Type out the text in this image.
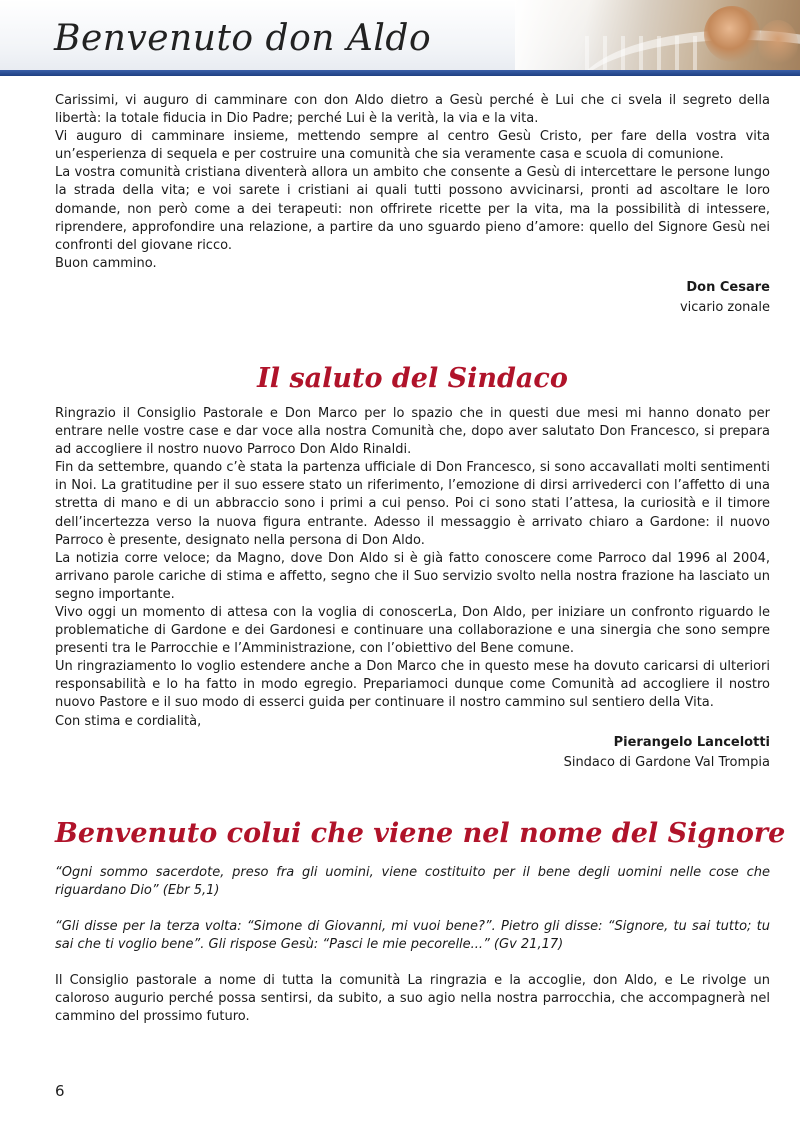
Benvenuto don Aldo

Carissimi, vi auguro di camminare con don Aldo dietro a Gesù perché è Lui che ci svela il segreto della libertà: la totale fiducia in Dio Padre; perché Lui è la verità, la via e la vita.

Vi auguro di camminare insieme, mettendo sempre al centro Gesù Cristo, per fare della vostra vita un’esperienza di sequela e per costruire una comunità che sia veramente casa e scuola di comunione.

La vostra comunità cristiana diventerà allora un ambito che consente a Gesù di intercettare le persone lungo la strada della vita; e voi sarete i cristiani ai quali tutti possono avvicinarsi, pronti ad ascoltare le loro domande, non però come a dei terapeuti: non offrirete ricette per la vita, ma la possibilità di intessere, riprendere, approfondire una relazione, a partire da uno sguardo pieno d’amore: quello del Signore Gesù nei confronti del giovane ricco.

Buon cammino.

Don Cesare
vicario zonale
Il saluto del Sindaco

Ringrazio il Consiglio Pastorale e Don Marco per lo spazio che in questi due mesi mi hanno donato per entrare nelle vostre case e dar voce alla nostra Comunità che, dopo aver salutato Don Francesco, si prepara ad accogliere il nostro nuovo Parroco Don Aldo Rinaldi.

Fin da settembre, quando c’è stata la partenza ufficiale di Don Francesco, si sono accavallati molti sentimenti in Noi. La gratitudine per il suo essere stato un riferimento, l’emozione di dirsi arrivederci con l’affetto di una stretta di mano e di un abbraccio sono i primi a cui penso. Poi ci sono stati l’attesa, la curiosità e il timore dell’incertezza verso la nuova figura entrante. Adesso il messaggio è arrivato chiaro a Gardone: il nuovo Parroco è presente, designato nella persona di Don Aldo.

La notizia corre veloce; da Magno, dove Don Aldo si è già fatto conoscere come Parroco dal 1996 al 2004, arrivano parole cariche di stima e affetto, segno che il Suo servizio svolto nella nostra frazione ha lasciato un segno importante.

Vivo oggi un momento di attesa con la voglia di conoscerLa, Don Aldo, per iniziare un confronto riguardo le problematiche di Gardone e dei Gardonesi e continuare una collaborazione e una sinergia che sono sempre presenti tra le Parrocchie e l’Amministrazione, con l’obiettivo del Bene comune.

Un ringraziamento lo voglio estendere anche a Don Marco che in questo mese ha dovuto caricarsi di ulteriori responsabilità e lo ha fatto in modo egregio. Prepariamoci dunque come Comunità ad accogliere il nostro nuovo Pastore e il suo modo di esserci guida per continuare il nostro cammino sul sentiero della Vita.

Con stima e cordialità,

Pierangelo Lancelotti
Sindaco di Gardone Val Trompia
Benvenuto colui che viene nel nome del Signore

“Ogni sommo sacerdote, preso fra gli uomini, viene costituito per il bene degli uomini nelle cose che riguardano Dio” (Ebr 5,1)

“Gli disse per la terza volta: “Simone di Giovanni, mi vuoi bene?”. Pietro gli disse: “Signore, tu sai tutto; tu sai che ti voglio bene”. Gli rispose Gesù: “Pasci le mie pecorelle...” (Gv 21,17)

Il Consiglio pastorale a nome di tutta la comunità La ringrazia e la accoglie, don Aldo, e Le rivolge un caloroso augurio perché possa sentirsi, da subito, a suo agio nella nostra parrocchia, che accompagnerà nel cammino del prossimo futuro.

6
